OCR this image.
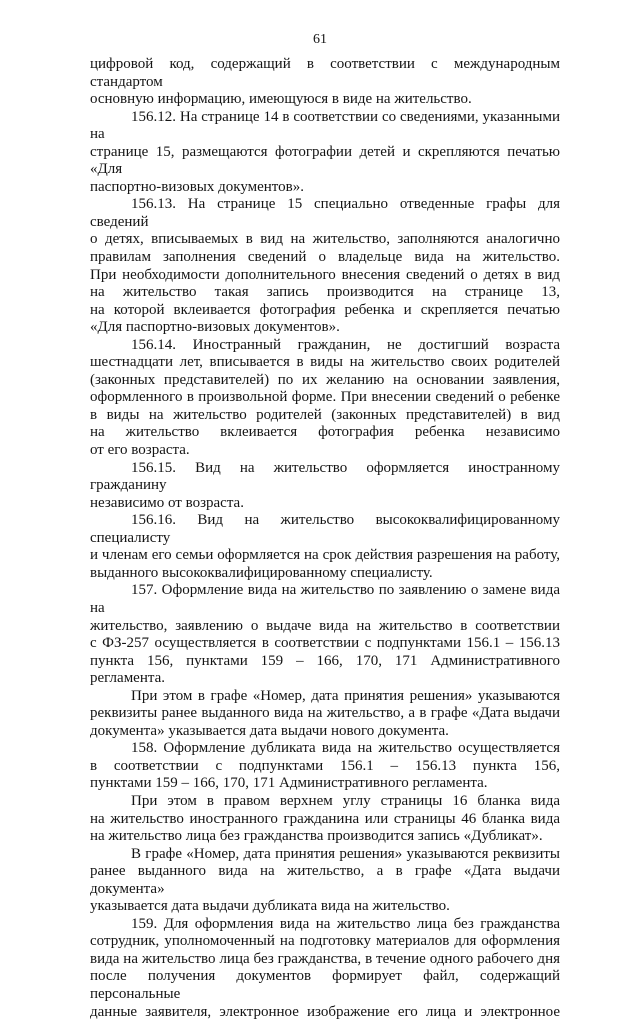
61
цифровой код, содержащий в соответствии с международным стандартом
основную информацию, имеющуюся в виде на жительство.
156.12. На странице 14 в соответствии со сведениями, указанными на
странице 15, размещаются фотографии детей и скрепляются печатью «Для
паспортно-визовых документов».
156.13. На странице 15 специально отведенные графы для сведений
о детях, вписываемых в вид на жительство, заполняются аналогично
правилам заполнения сведений о владельце вида на жительство.
При необходимости дополнительного внесения сведений о детях в вид
на жительство такая запись производится на странице 13,
на которой вклеивается фотография ребенка и скрепляется печатью
«Для паспортно-визовых документов».
156.14. Иностранный гражданин, не достигший возраста
шестнадцати лет, вписывается в виды на жительство своих родителей
(законных представителей) по их желанию на основании заявления,
оформленного в произвольной форме. При внесении сведений о ребенке
в виды на жительство родителей (законных представителей) в вид
на жительство вклеивается фотография ребенка независимо
от его возраста.
156.15. Вид на жительство оформляется иностранному гражданину
независимо от возраста.
156.16. Вид на жительство высококвалифицированному специалисту
и членам его семьи оформляется на срок действия разрешения на работу,
выданного высококвалифицированному специалисту.
157. Оформление вида на жительство по заявлению о замене вида на
жительство, заявлению о выдаче вида на жительство в соответствии
с ФЗ-257 осуществляется в соответствии с подпунктами 156.1 – 156.13
пункта 156, пунктами 159 – 166, 170, 171 Административного регламента.
При этом в графе «Номер, дата принятия решения» указываются
реквизиты ранее выданного вида на жительство, а в графе «Дата выдачи
документа» указывается дата выдачи нового документа.
158. Оформление дубликата вида на жительство осуществляется
в соответствии с подпунктами 156.1 – 156.13 пункта 156,
пунктами 159 – 166, 170, 171 Административного регламента.
При этом в правом верхнем углу страницы 16 бланка вида
на жительство иностранного гражданина или страницы 46 бланка вида
на жительство лица без гражданства производится запись «Дубликат».
В графе «Номер, дата принятия решения» указываются реквизиты
ранее выданного вида на жительство, а в графе «Дата выдачи документа»
указывается дата выдачи дубликата вида на жительство.
159. Для оформления вида на жительство лица без гражданства
сотрудник, уполномоченный на подготовку материалов для оформления
вида на жительство лица без гражданства, в течение одного рабочего дня
после получения документов формирует файл, содержащий персональные
данные заявителя, электронное изображение его лица и электронное
